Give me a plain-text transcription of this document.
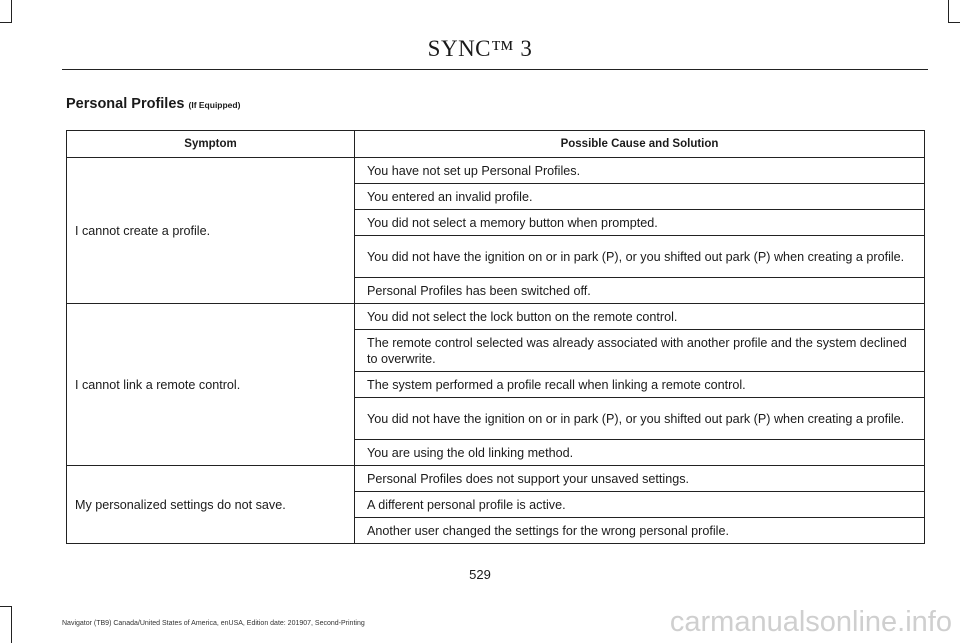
SYNC™ 3
Personal Profiles (If Equipped)
Symptom	Possible Cause and Solution
I cannot create a profile.	You have not set up Personal Profiles.
	You entered an invalid profile.
	You did not select a memory button when prompted.
	You did not have the ignition on or in park (P), or you shifted out park (P) when creating a profile.
	Personal Profiles has been switched off.
I cannot link a remote control.	You did not select the lock button on the remote control.
	The remote control selected was already associated with another profile and the system declined to overwrite.
	The system performed a profile recall when linking a remote control.
	You did not have the ignition on or in park (P), or you shifted out park (P) when creating a profile.
	You are using the old linking method.
My personalized settings do not save.	Personal Profiles does not support your unsaved settings.
	A different personal profile is active.
	Another user changed the settings for the wrong personal profile.
529
Navigator (TB9) Canada/United States of America, enUSA, Edition date: 201907, Second-Printing	carmanualsonline.info
